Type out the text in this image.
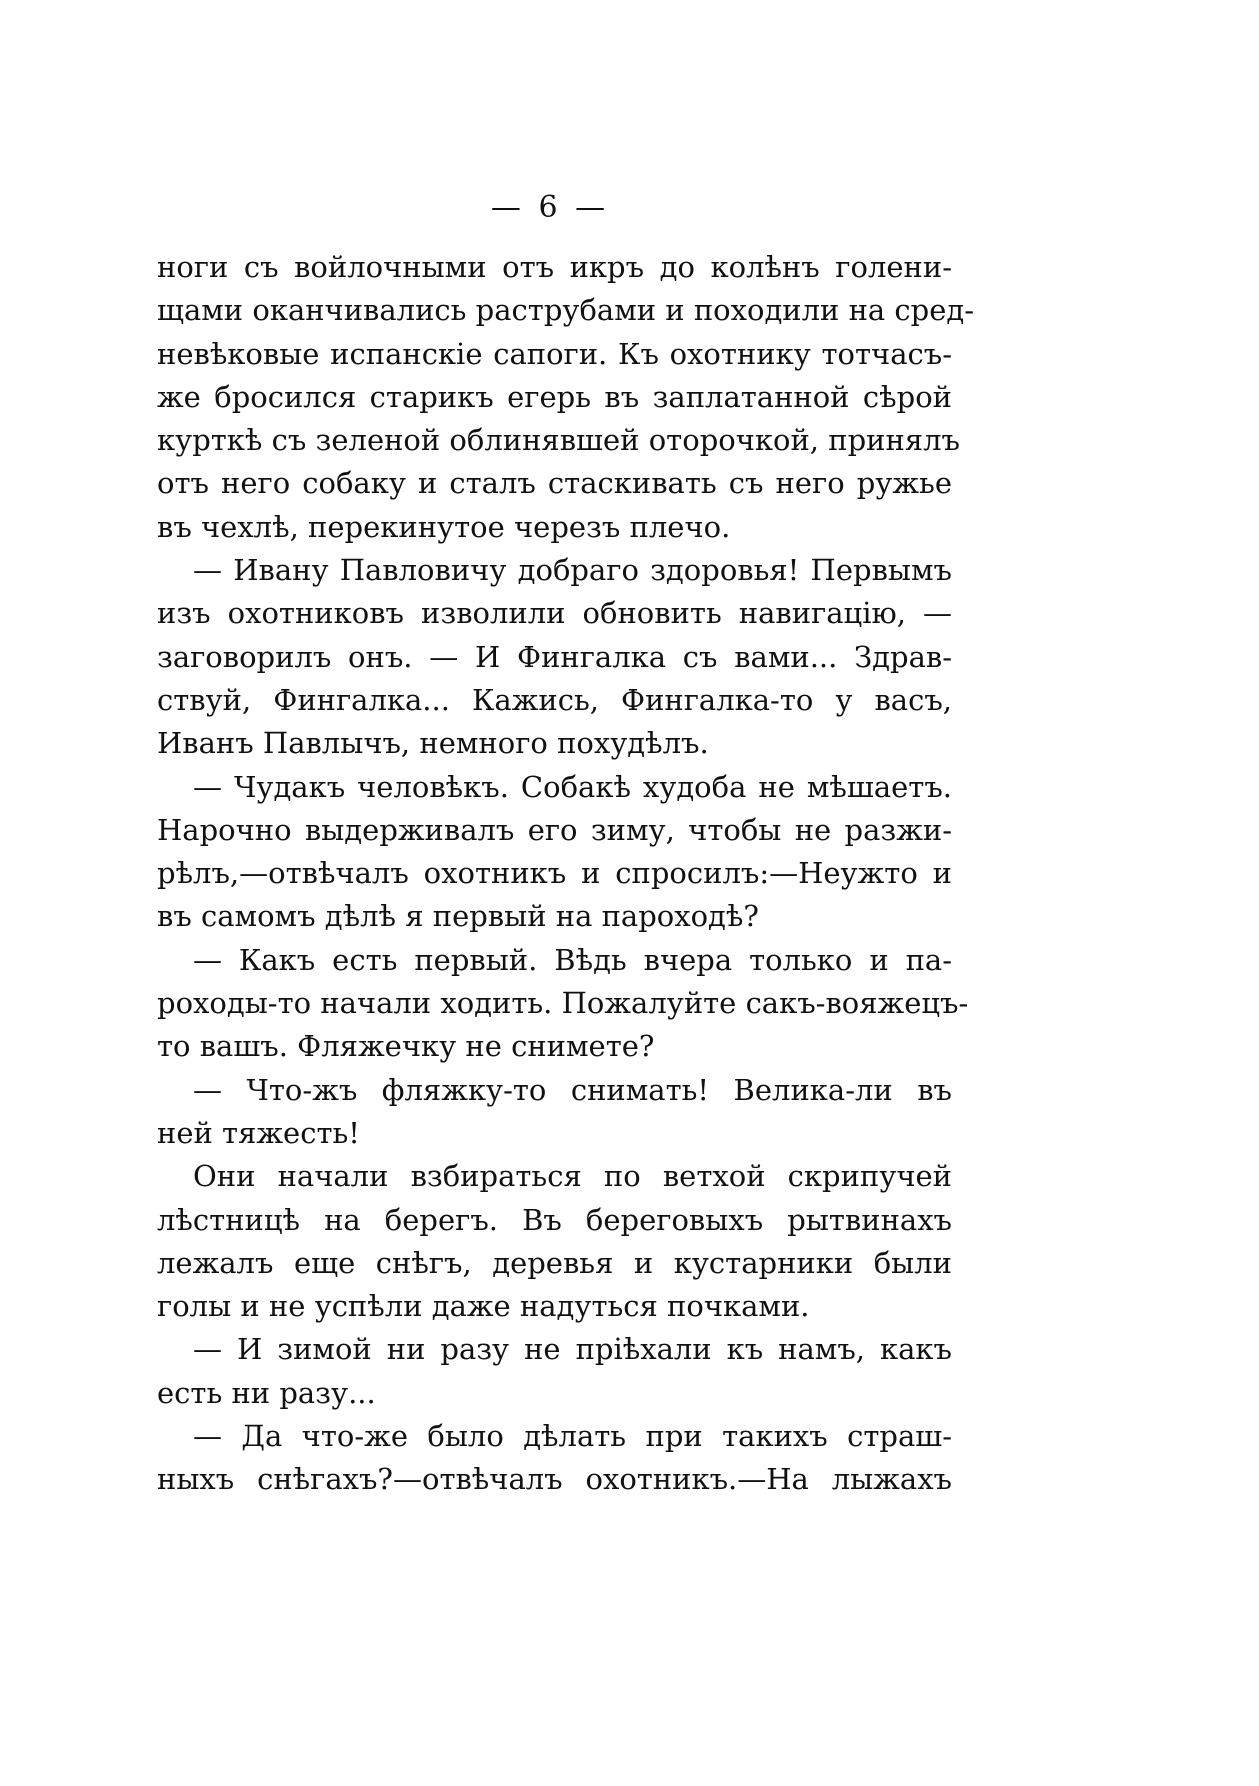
— 6 —
ноги съ войлочными отъ икръ до колѣнъ голени-
щами оканчивались раструбами и походили на сред-
невѣковые испанскіе сапоги. Къ охотнику тотчасъ-
же бросился старикъ егерь въ заплатанной сѣрой
курткѣ съ зеленой облинявшей оторочкой, принялъ
отъ него собаку и сталъ стаскивать съ него ружье
въ чехлѣ, перекинутое черезъ плечо.
— Ивану Павловичу добраго здоровья! Первымъ
изъ охотниковъ изволили обновить навигацію, —
заговорилъ онъ. — И Фингалка съ вами... Здрав-
ствуй, Фингалка... Кажись, Фингалка-то у васъ,
Иванъ Павлычъ, немного похудѣлъ.
— Чудакъ человѣкъ. Собакѣ худоба не мѣшаетъ.
Нарочно выдерживалъ его зиму, чтобы не разжи-
рѣлъ,—отвѣчалъ охотникъ и спросилъ:—Неужто и
въ самомъ дѣлѣ я первый на пароходѣ?
— Какъ есть первый. Вѣдь вчера только и па-
роходы-то начали ходить. Пожалуйте сакъ-вояжецъ-
то вашъ. Фляжечку не снимете?
— Что-жъ фляжку-то снимать! Велика-ли въ
ней тяжесть!
Они начали взбираться по ветхой скрипучей
лѣстницѣ на берегъ. Въ береговыхъ рытвинахъ
лежалъ еще снѣгъ, деревья и кустарники были
голы и не успѣли даже надуться почками.
— И зимой ни разу не пріѣхали къ намъ, какъ
есть ни разу...
— Да что-же было дѣлать при такихъ страш-
ныхъ снѣгахъ?—отвѣчалъ охотникъ.—На лыжахъ
